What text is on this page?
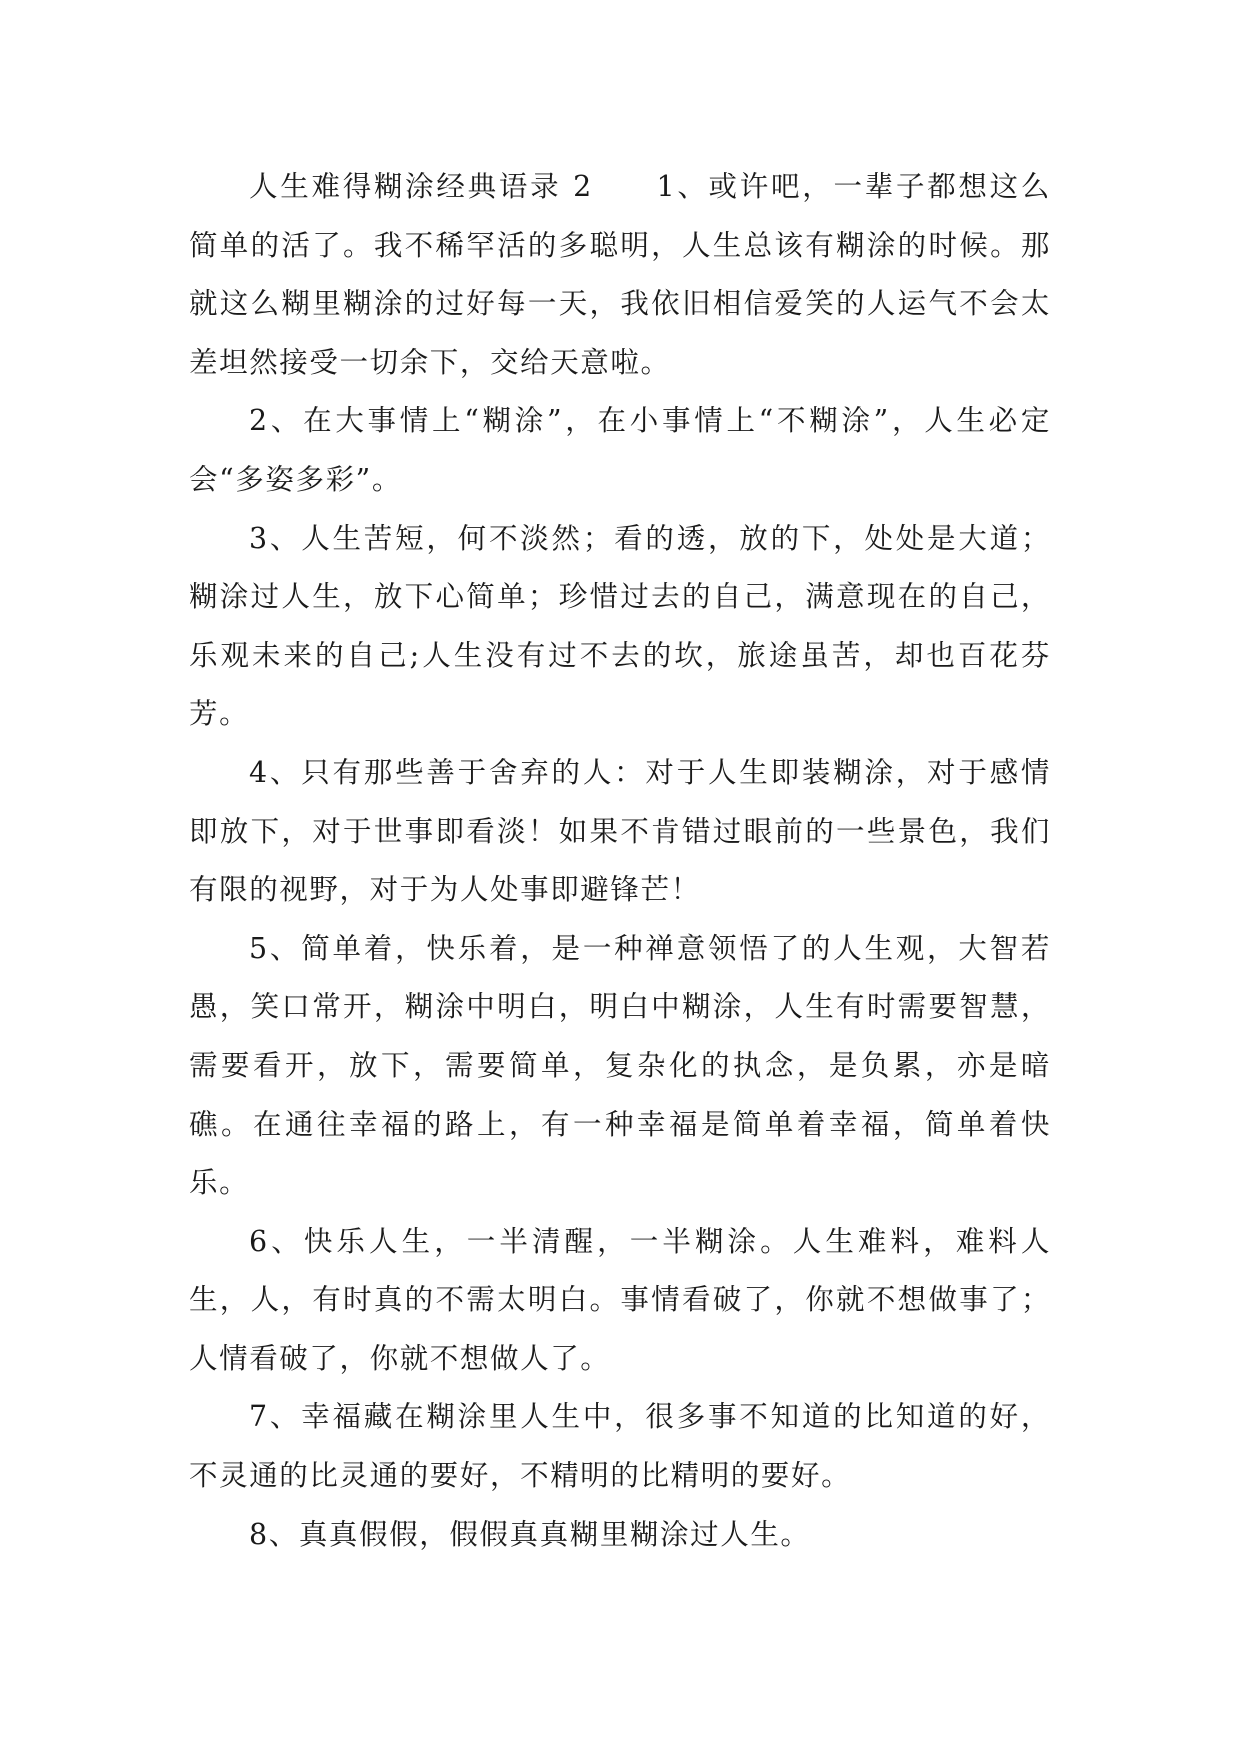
人生难得糊涂经典语录 2　　1、或许吧，一辈子都想这么简单的活了。我不稀罕活的多聪明，人生总该有糊涂的时候。那就这么糊里糊涂的过好每一天，我依旧相信爱笑的人运气不会太差坦然接受一切余下，交给天意啦。

2、在大事情上“糊涂”，在小事情上“不糊涂”，人生必定会“多姿多彩”。

3、人生苦短，何不淡然；看的透，放的下，处处是大道；糊涂过人生，放下心简单；珍惜过去的自己，满意现在的自己，乐观未来的自己;人生没有过不去的坎，旅途虽苦，却也百花芬芳。

4、只有那些善于舍弃的人：对于人生即装糊涂，对于感情即放下，对于世事即看淡！如果不肯错过眼前的一些景色，我们有限的视野，对于为人处事即避锋芒！

5、简单着，快乐着，是一种禅意领悟了的人生观，大智若愚，笑口常开，糊涂中明白，明白中糊涂，人生有时需要智慧，需要看开，放下，需要简单，复杂化的执念，是负累，亦是暗礁。在通往幸福的路上，有一种幸福是简单着幸福，简单着快乐。

6、快乐人生，一半清醒，一半糊涂。人生难料，难料人生，人，有时真的不需太明白。事情看破了，你就不想做事了；人情看破了，你就不想做人了。

7、幸福藏在糊涂里人生中，很多事不知道的比知道的好，不灵通的比灵通的要好，不精明的比精明的要好。

8、真真假假，假假真真糊里糊涂过人生。
